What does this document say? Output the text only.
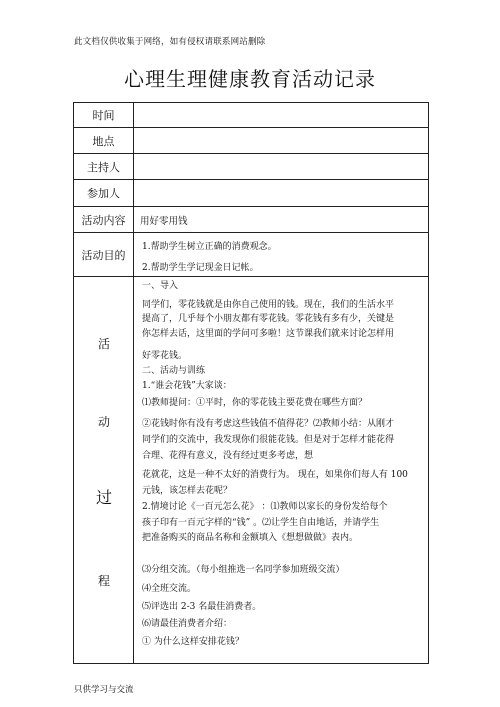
此文档仅供收集于网络，如有侵权请联系网站删除
心理生理健康教育活动记录
时间
地点
主持人
参加人
活动内容	用好零用钱
活动目的
1.帮助学生树立正确的消费观念。
2.帮助学生学记现金日记帐。
活
动
过
程
一、导入
同学们，零花钱就是由你自己使用的钱。现在，我们的生活水平
提高了，几乎每个小朋友都有零花钱。零花钱有多有少，关键是
你怎样去话，这里面的学问可多啦！这节课我们就来讨论怎样用
好零花钱。
二、活动与训练
1.“谁会花钱”大家谈：
⑴教师提问：①平时，你的零花钱主要花费在哪些方面？
②花钱时你有没有考虑这些钱值不值得花？⑵教师小结：从刚才
同学们的交流中，我发现你们很能花钱。但是对于怎样才能花得
合理、花得有意义，没有经过更多考虑，想
花就花，这是一种不太好的消费行为。 现在，如果你们每人有 100
元钱，该怎样去花呢？
2.情境讨论《一百元怎么花》 ：⑴教师以家长的身份发给每个
孩子印有一百元字样的“钱” 。⑵让学生自由地话，并请学生
把准备购买的商品名称和金额填入《想想做做》表内。
⑶分组交流。（每小组推选一名同学参加班级交流）
⑷全班交流。
⑸评选出 2-3 名最佳消费者。
⑹请最佳消费者介绍：
① 为什么这样安排花钱？
只供学习与交流
